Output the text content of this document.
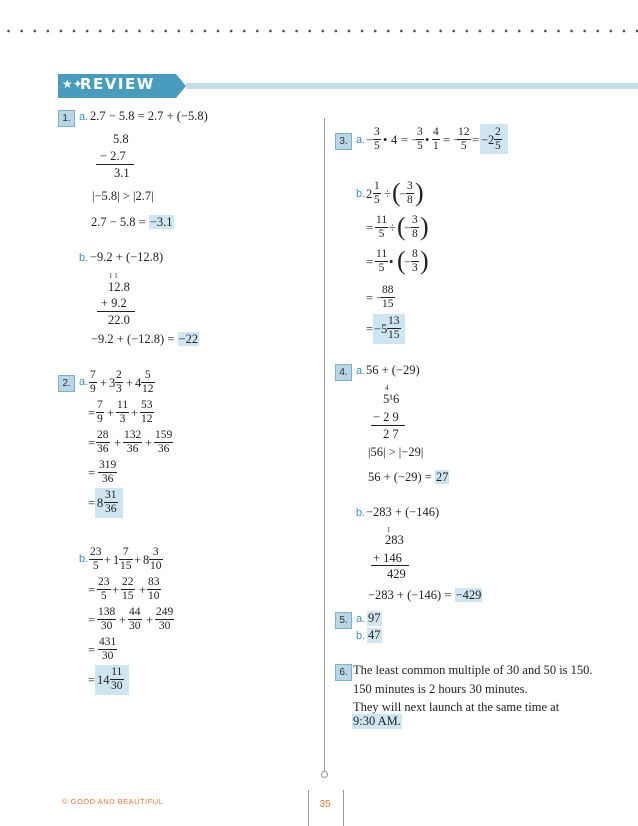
★✦
REVIEW
1. a. 2.7 − 5.8 = 2.7 + (−5.8)
5.8
− 2.7
3.1
|−5.8| > |2.7|
2.7 − 5.8 = −3.1
b. −9.2 + (−12.8)
1 1
12.8
+ 9.2
22.0
−9.2 + (−12.8) = −22
2. a. $\frac{7}{9} + 3 \frac{2}{3} + 4 \frac{5}{12}$
= $\frac{7}{9} + \frac{11}{3} + \frac{53}{12}$
= $\frac{28}{36} + \frac{132}{36} + \frac{159}{36}$
= $\frac{319}{36}$
= $8 \frac{31}{36}$
b. $\frac{23}{5} + 1 \frac{7}{15} + 8 \frac{3}{10}$
= $\frac{23}{5} + \frac{22}{15} + \frac{83}{10}$
= $\frac{138}{30} + \frac{44}{30} + \frac{249}{30}$
= $\frac{431}{30}$
= $14 \frac{11}{30}$
3. a. − $\frac{3}{5}$ • 4 = −
$\frac{3}{5}$ • $\frac{4}{1}$ = −
$\frac{12}{5} = -2 \frac{2}{5}$
b. $2 \frac{1}{5}$ ÷ (
− $\frac{3}{8}$ )
= $\frac{11}{5}$ ÷ (
− $\frac{3}{8}$ )
= $\frac{11}{5}$ • (
− $\frac{8}{3}$ )
= −
$\frac{88}{15}$
= $-5 \frac{13}{15}$
4. a. 56 + (−29)
4
5¹6
− 2 9
2 7
|56| > |−29|
56 + (−29) = 27
b. −283 + (−146)
1
283
+ 146
429
−283 + (−146) = −429
5. a. 97
b. 47
6. The least common multiple of 30 and 50 is 150.
150 minutes is 2 hours 30 minutes.
They will next launch at the same time at
9:30 AM.
© GOOD AND BEAUTIFUL	35
